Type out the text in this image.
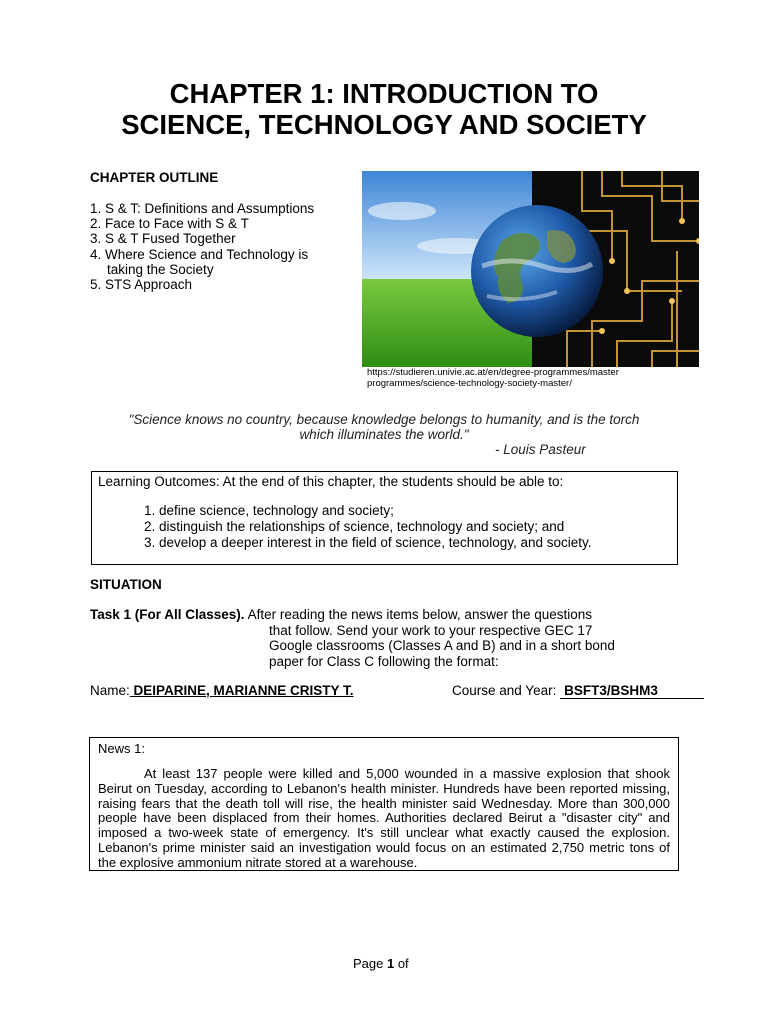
CHAPTER 1: INTRODUCTION TO
SCIENCE, TECHNOLOGY AND SOCIETY
CHAPTER OUTLINE
1. S & T: Definitions and Assumptions
2. Face to Face with S & T
3. S & T Fused Together
4. Where Science and Technology is
taking the Society
5. STS Approach
https://studieren.univie.ac.at/en/degree-programmes/master
programmes/science-technology-society-master/
"Science knows no country, because knowledge belongs to humanity, and is the torch
which illuminates the world."
- Louis Pasteur
Learning Outcomes: At the end of this chapter, the students should be able to:
1. define science, technology and society;
2. distinguish the relationships of science, technology and society; and
3. develop a deeper interest in the field of science, technology, and society.
SITUATION
Task 1 (For All Classes). After reading the news items below, answer the questions
that follow. Send your work to your respective GEC 17
Google classrooms (Classes A and B) and in a short bond
paper for Class C following the format:
Name: DEIPARINE, MARIANNE CRISTY T.	Course and Year: BSFT3/BSHM3
News 1:
At least 137 people were killed and 5,000 wounded in a massive explosion that shook Beirut on Tuesday, according to Lebanon's health minister. Hundreds have been reported missing, raising fears that the death toll will rise, the health minister said Wednesday. More than 300,000 people have been displaced from their homes. Authorities declared Beirut a "disaster city" and imposed a two-week state of emergency. It's still unclear what exactly caused the explosion. Lebanon's prime minister said an investigation would focus on an estimated 2,750 metric tons of the explosive ammonium nitrate stored at a warehouse.
Page 1 of
